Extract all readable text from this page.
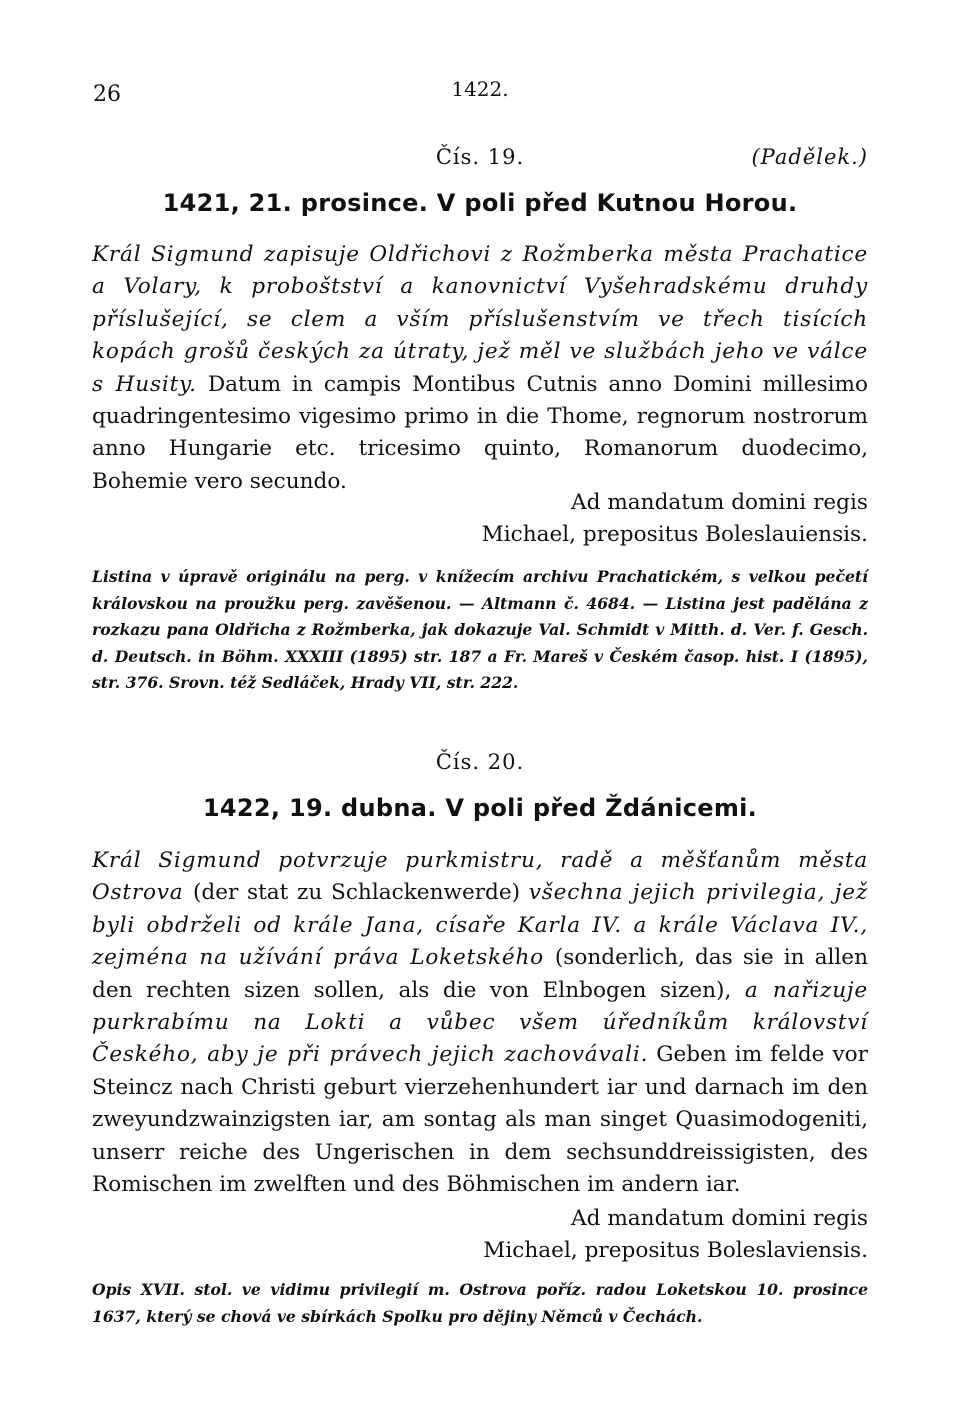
26	1422.
Čís. 19.	(Padělek.)
1421, 21. prosince. V poli před Kutnou Horou.
Král Sigmund zapisuje Oldřichovi z Rožmberka města Prachatice a Volary, k proboštství a kanovnictví Vyšehradskému druhdy příslušející, se clem a vším příslušenstvím ve třech tisících kopách grošů českých za útraty, jež měl ve službách jeho ve válce s Husity. Datum in campis Montibus Cutnis anno Domini millesimo quadringentesimo vigesimo primo in die Thome, regnorum nostrorum anno Hungarie etc. tricesimo quinto, Romanorum duodecimo, Bohemie vero secundo.
Ad mandatum domini regis
Michael, prepositus Boleslauiensis.
Listina v úpravě originálu na perg. v knížecím archivu Prachatickém, s velkou pečetí královskou na proužku perg. zavěšenou. — Altmann č. 4684. — Listina jest padělána z rozkazu pana Oldřicha z Rožmberka, jak dokazuje Val. Schmidt v Mitth. d. Ver. f. Gesch. d. Deutsch. in Böhm. XXXIII (1895) str. 187 a Fr. Mareš v Českém časop. hist. I (1895), str. 376. Srovn. též Sedláček, Hrady VII, str. 222.
Čís. 20.
1422, 19. dubna. V poli před Ždánicemi.
Král Sigmund potvrzuje purkmistru, radě a měšťanům města Ostrova (der stat zu Schlackenwerde) všechna jejich privilegia, jež byli obdrželi od krále Jana, císaře Karla IV. a krále Václava IV., zejména na užívání práva Loketského (sonderlich, das sie in allen den rechten sizen sollen, als die von Elnbogen sizen), a nařizuje purkrabímu na Lokti a vůbec všem úředníkům království Českého, aby je při právech jejich zachovávali. Geben im felde vor Steincz nach Christi geburt vierzehenhundert iar und darnach im den zweyundzwainzigsten iar, am sontag als man singet Quasimodogeniti, unserr reiche des Ungerischen in dem sechsunddreissigisten, des Romischen im zwelften und des Böhmischen im andern iar.
Ad mandatum domini regis
Michael, prepositus Boleslaviensis.
Opis XVII. stol. ve vidimu privilegií m. Ostrova poříz. radou Loketskou 10. prosince 1637, který se chová ve sbírkách Spolku pro dějiny Němců v Čechách.
